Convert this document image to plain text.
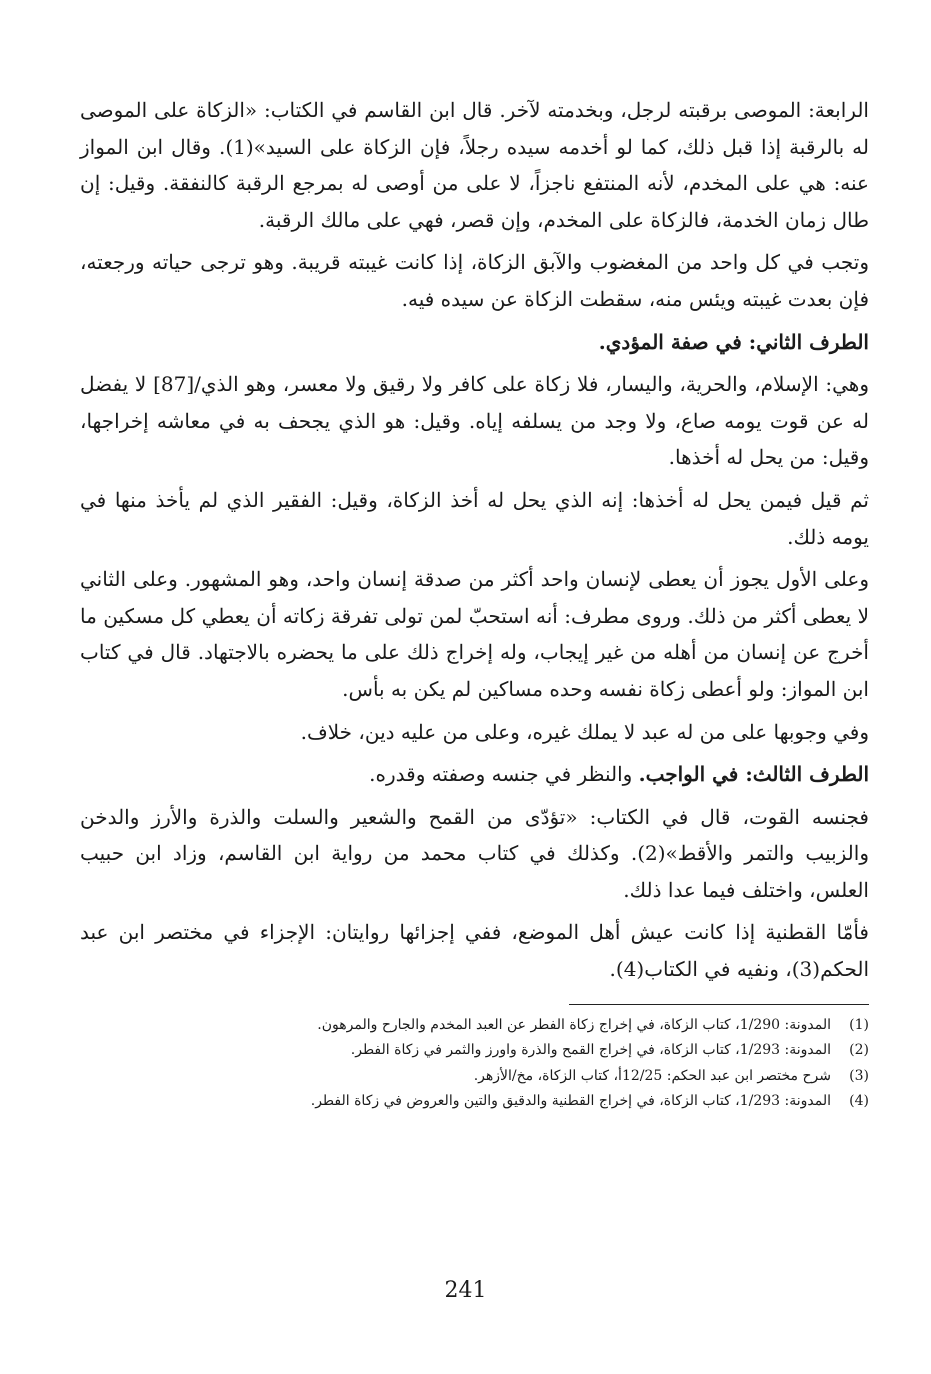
الرابعة: الموصى برقبته لرجل، وبخدمته لآخر. قال ابن القاسم في الكتاب: «الزكاة على الموصى له بالرقبة إذا قبل ذلك، كما لو أخدمه سيده رجلاً، فإن الزكاة على السيد»(1). وقال ابن المواز عنه: هي على المخدم، لأنه المنتفع ناجزاً، لا على من أوصى له بمرجع الرقبة كالنفقة. وقيل: إن طال زمان الخدمة، فالزكاة على المخدم، وإن قصر، فهي على مالك الرقبة.

وتجب في كل واحد من المغضوب والآبق الزكاة، إذا كانت غيبته قريبة. وهو ترجى حياته ورجعته، فإن بعدت غيبته ويئس منه، سقطت الزكاة عن سيده فيه.

الطرف الثاني: في صفة المؤدي.

وهي: الإسلام، والحرية، واليسار، فلا زكاة على كافر ولا رقيق ولا معسر، وهو الذي/[87] لا يفضل له عن قوت يومه صاع، ولا وجد من يسلفه إياه. وقيل: هو الذي يجحف به في معاشه إخراجها، وقيل: من يحل له أخذها.

ثم قيل فيمن يحل له أخذها: إنه الذي يحل له أخذ الزكاة، وقيل: الفقير الذي لم يأخذ منها في يومه ذلك.

وعلى الأول يجوز أن يعطى لإنسان واحد أكثر من صدقة إنسان واحد، وهو المشهور. وعلى الثاني لا يعطى أكثر من ذلك. وروى مطرف: أنه استحبّ لمن تولى تفرقة زكاته أن يعطي كل مسكين ما أخرج عن إنسان من أهله من غير إيجاب، وله إخراج ذلك على ما يحضره بالاجتهاد. قال في كتاب ابن المواز: ولو أعطى زكاة نفسه وحده مساكين لم يكن به بأس.

وفي وجوبها على من له عبد لا يملك غيره، وعلى من عليه دين، خلاف.

الطرف الثالث: في الواجب. والنظر في جنسه وصفته وقدره.

فجنسه القوت، قال في الكتاب: «تؤدّى من القمح والشعير والسلت والذرة والأرز والدخن والزبيب والتمر والأقط»(2). وكذلك في كتاب محمد من رواية ابن القاسم، وزاد ابن حبيب العلس، واختلف فيما عدا ذلك.

فأمّا القطنية إذا كانت عيش أهل الموضع، ففي إجزائها روايتان: الإجزاء في مختصر ابن عبد الحكم(3)، ونفيه في الكتاب(4).

(1)
المدونة: 1/290، كتاب الزكاة، في إخراج زكاة الفطر عن العبد المخدم والجارح والمرهون.
(2)
المدونة: 1/293، كتاب الزكاة، في إخراج القمح والذرة واورز والثمر في زكاة الفطر.
(3)
شرح مختصر ابن عبد الحكم: 12/25أ، كتاب الزكاة، مخ/الأزهر.
(4)
المدونة: 1/293، كتاب الزكاة، في إخراج القطنية والدقيق والتين والعروض في زكاة الفطر.
241
